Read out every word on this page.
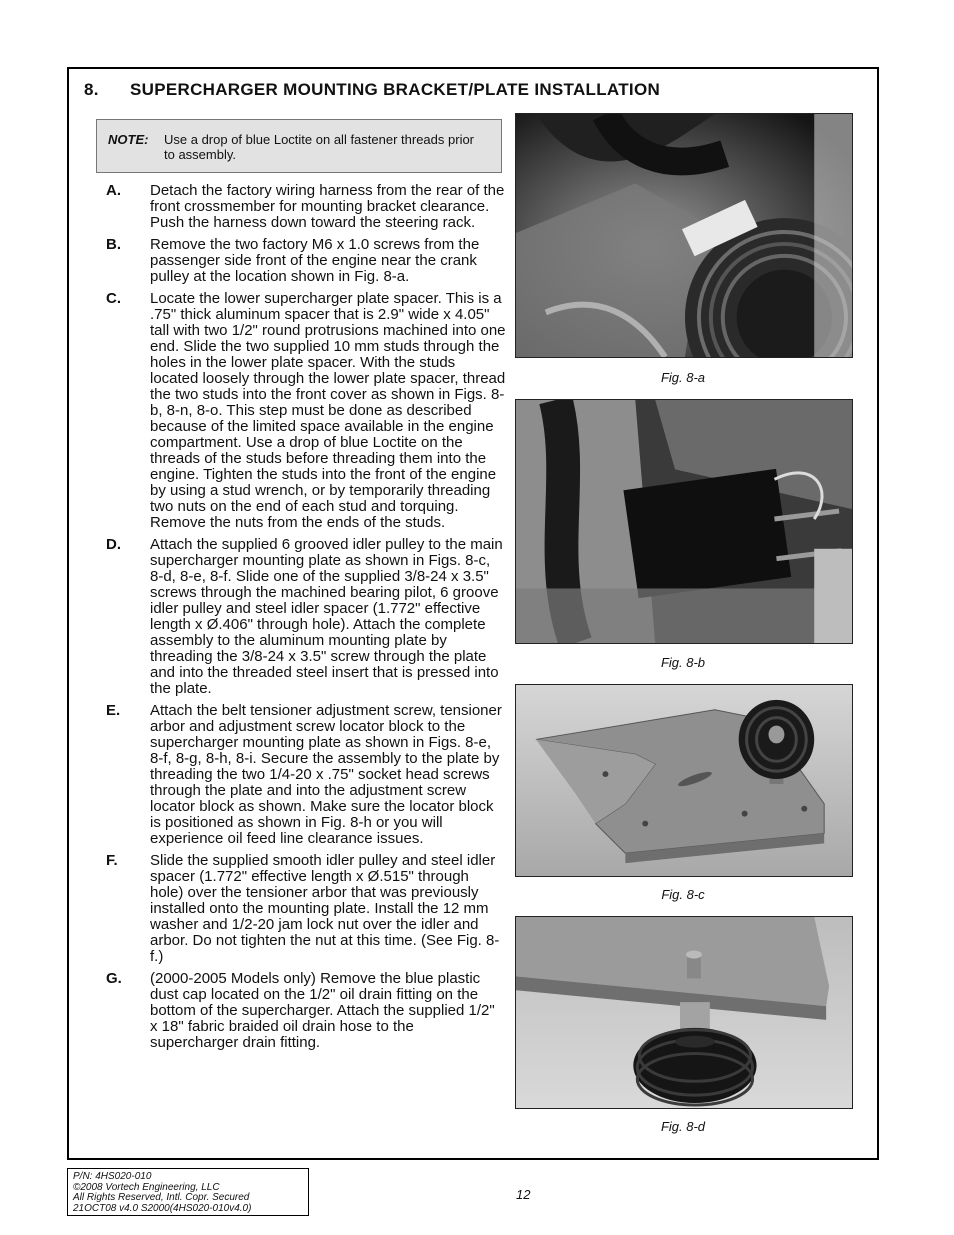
8. SUPERCHARGER MOUNTING BRACKET/PLATE INSTALLATION
NOTE: Use a drop of blue Loctite on all fastener threads prior to assembly.
A. Detach the factory wiring harness from the rear of the front crossmember for mounting bracket clearance. Push the harness down toward the steering rack.
B. Remove the two factory M6 x 1.0 screws from the passenger side front of the engine near the crank pulley at the location shown in Fig. 8-a.
C. Locate the lower supercharger plate spacer. This is a .75" thick aluminum spacer that is 2.9" wide x 4.05" tall with two 1/2" round protrusions machined into one end. Slide the two supplied 10 mm studs through the holes in the lower plate spacer. With the studs located loosely through the lower plate spacer, thread the two studs into the front cover as shown in Figs. 8-b, 8-n, 8-o. This step must be done as described because of the limited space available in the engine compartment. Use a drop of blue Loctite on the threads of the studs before threading them into the engine. Tighten the studs into the front of the engine by using a stud wrench, or by temporarily threading two nuts on the end of each stud and torquing. Remove the nuts from the ends of the studs.
D. Attach the supplied 6 grooved idler pulley to the main supercharger mounting plate as shown in Figs. 8-c, 8-d, 8-e, 8-f. Slide one of the supplied 3/8-24 x 3.5" screws through the machined bearing pilot, 6 groove idler pulley and steel idler spacer (1.772" effective length x Ø.406" through hole). Attach the complete assembly to the aluminum mounting plate by threading the 3/8-24 x 3.5" screw through the plate and into the threaded steel insert that is pressed into the plate.
E. Attach the belt tensioner adjustment screw, tensioner arbor and adjustment screw locator block to the supercharger mounting plate as shown in Figs. 8-e, 8-f, 8-g, 8-h, 8-i. Secure the assembly to the plate by threading the two 1/4-20 x .75" socket head screws through the plate and into the adjustment screw locator block as shown. Make sure the locator block is positioned as shown in Fig. 8-h or you will experience oil feed line clearance issues.
F. Slide the supplied smooth idler pulley and steel idler spacer (1.772" effective length x Ø.515" through hole) over the tensioner arbor that was previously installed onto the mounting plate. Install the 12 mm washer and 1/2-20 jam lock nut over the idler and arbor. Do not tighten the nut at this time. (See Fig. 8-f.)
G. (2000-2005 Models only) Remove the blue plastic dust cap located on the 1/2" oil drain fitting on the bottom of the supercharger. Attach the supplied 1/2" x 18" fabric braided oil drain hose to the supercharger drain fitting.
Fig. 8-a
Fig. 8-b
Fig. 8-c
Fig. 8-d
P/N: 4HS020-010
©2008 Vortech Engineering, LLC
All Rights Reserved, Intl. Copr. Secured
21OCT08 v4.0 S2000(4HS020-010v4.0)
12
